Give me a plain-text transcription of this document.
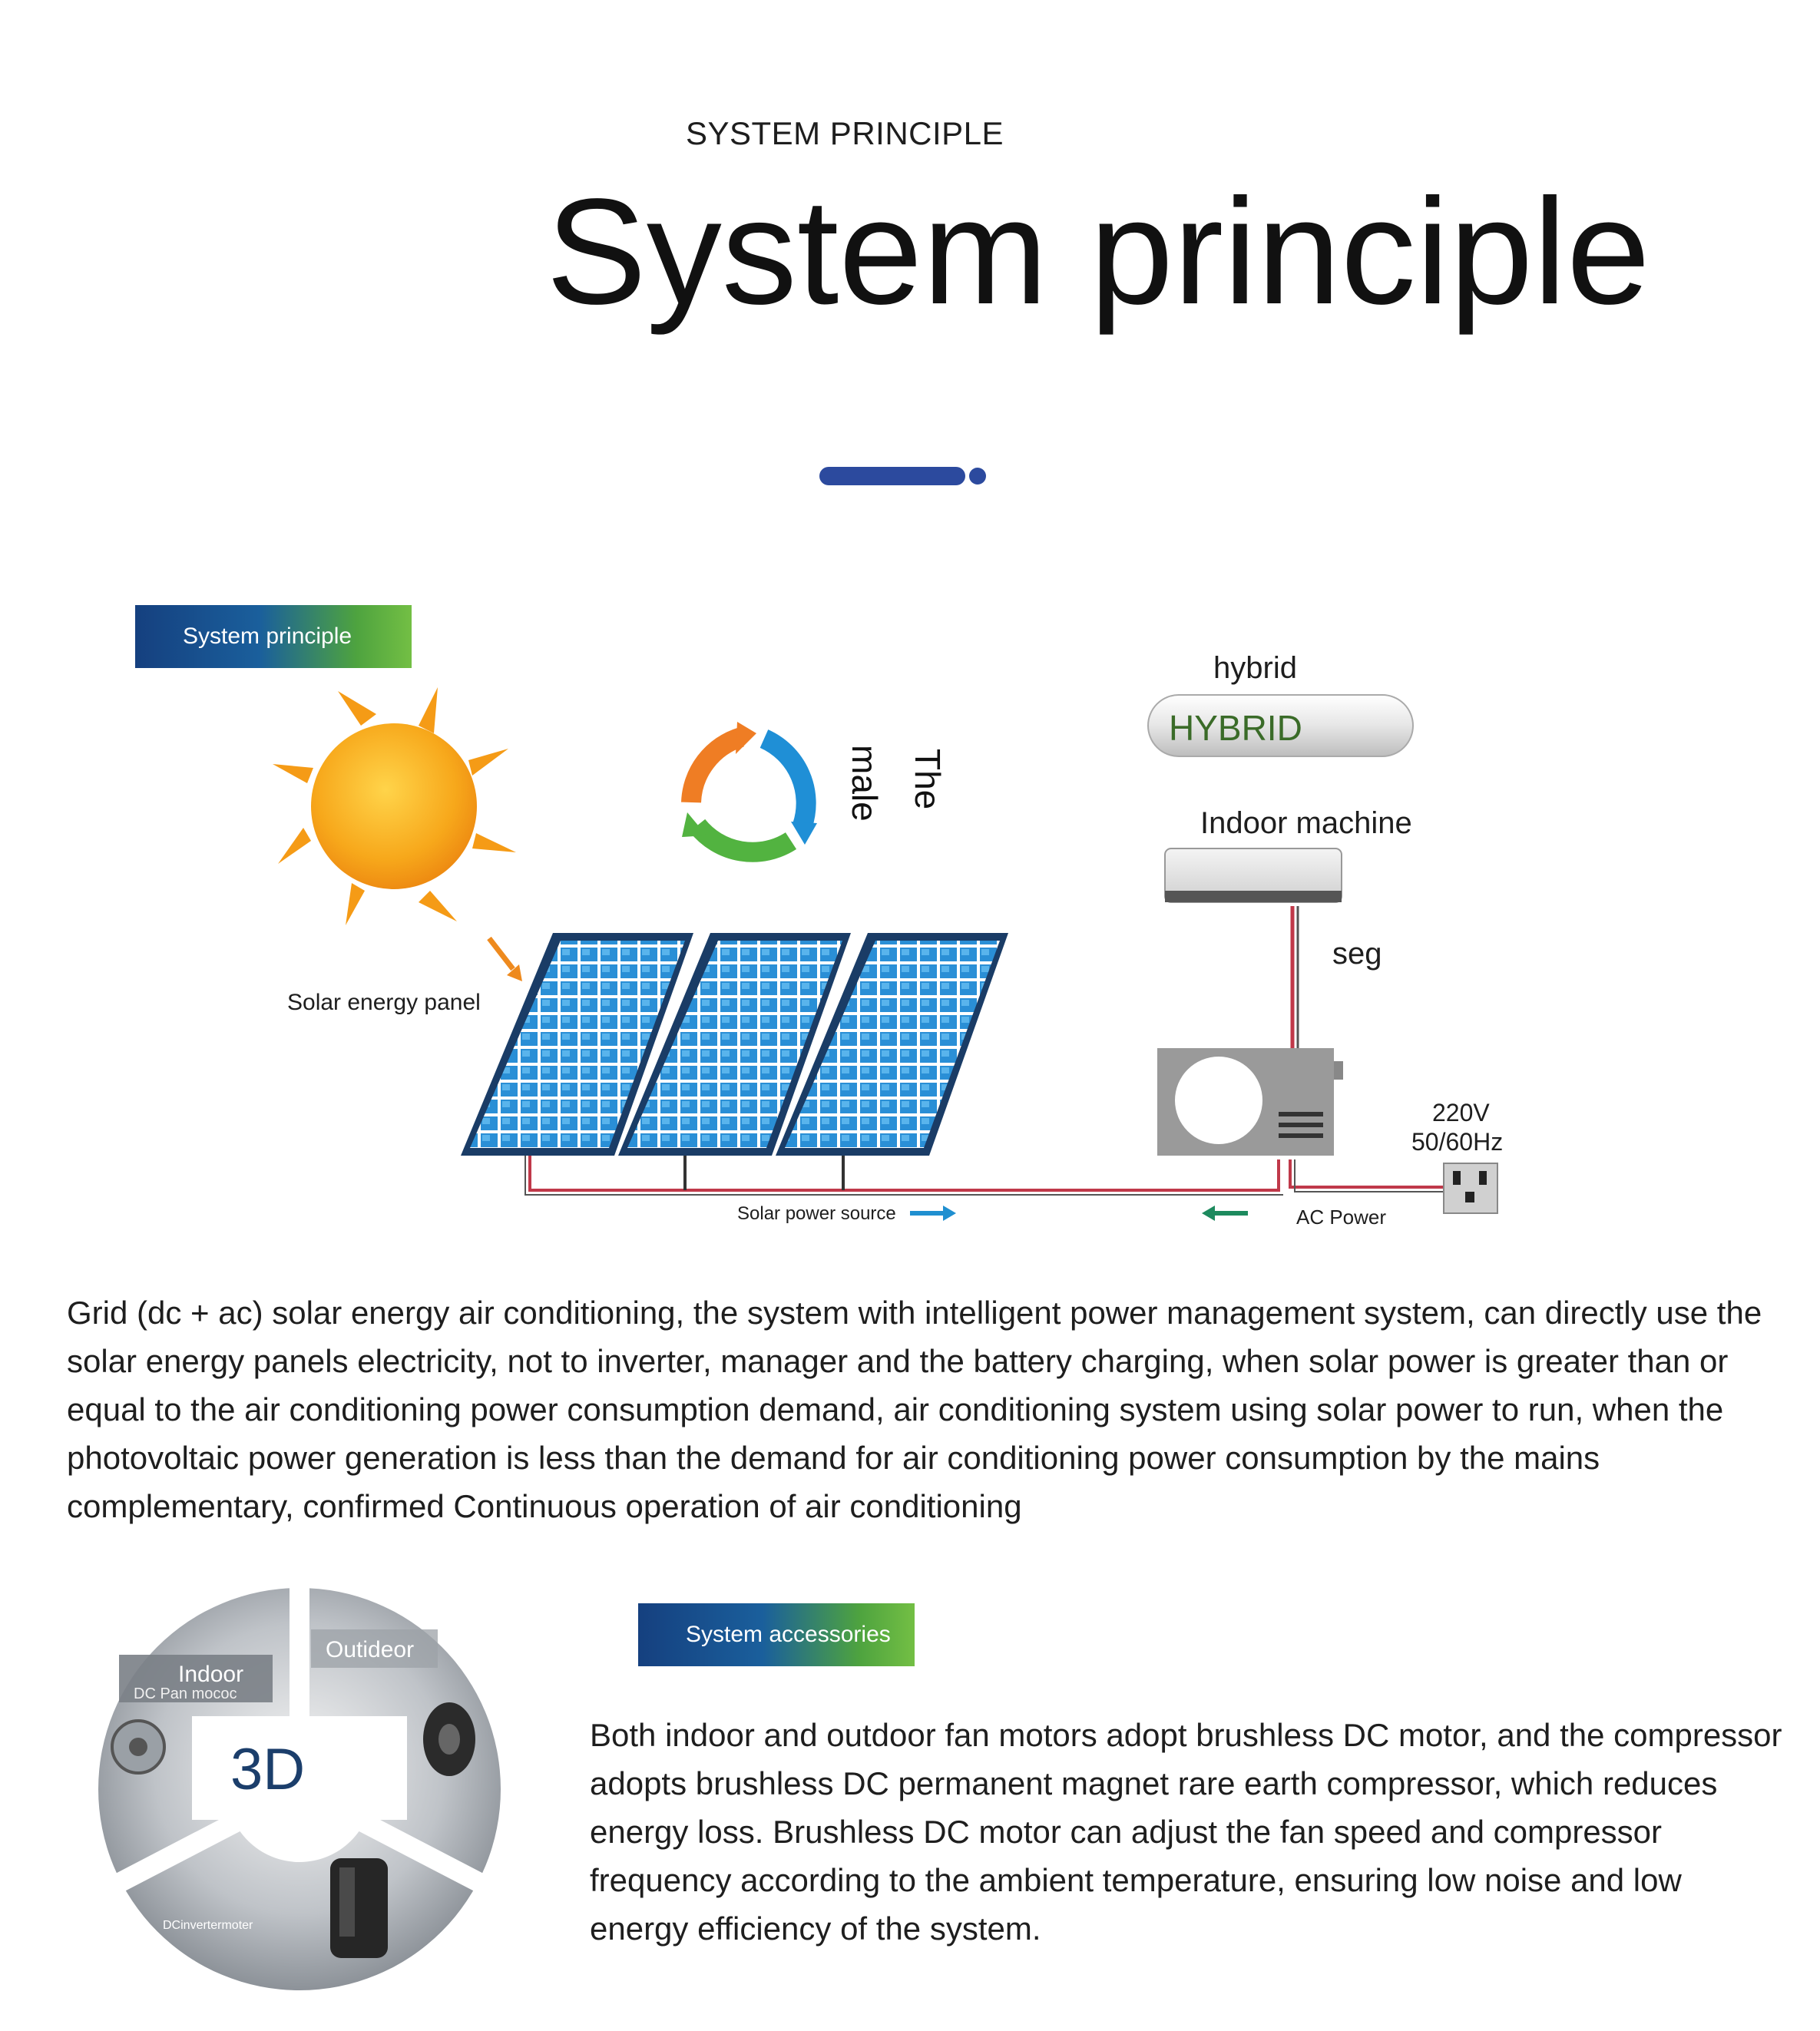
SYSTEM PRINCIPLE
System principle
System principle
The
male
hybrid
HYBRID
Indoor machine
seg
220V
50/60Hz
Solar energy panel
Solar power source	AC Power
Grid (dc + ac) solar energy air conditioning, the system with intelligent power management system, can directly use the solar energy panels electricity, not to inverter, manager and the battery charging, when solar power is greater than or equal to the air conditioning power consumption demand, air conditioning system using solar power to run, when the photovoltaic power generation is less than the demand for air conditioning power consumption by the mains complementary, confirmed Continuous operation of air conditioning
Indoor
DC Pan mococ
Outideor
3D
DCinvertermoter
System accessories
Both indoor and outdoor fan motors adopt brushless DC motor, and the compressor adopts brushless DC permanent magnet rare earth compressor, which reduces energy loss. Brushless DC motor can adjust the fan speed and compressor frequency according to the ambient temperature, ensuring low noise and low energy efficiency of the system.
